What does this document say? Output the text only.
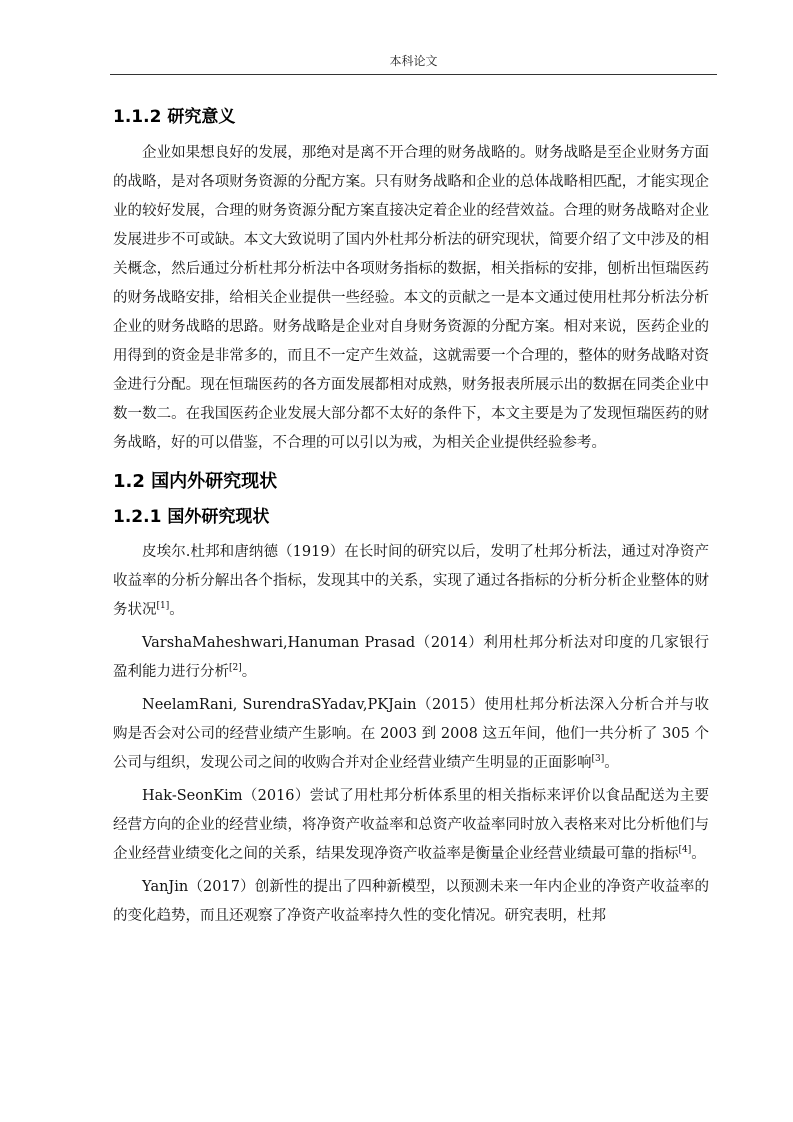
本科论文
1.1.2 研究意义

企业如果想良好的发展，那绝对是离不开合理的财务战略的。财务战略是至企业财务方面的战略，是对各项财务资源的分配方案。只有财务战略和企业的总体战略相匹配，才能实现企业的较好发展，合理的财务资源分配方案直接决定着企业的经营效益。合理的财务战略对企业发展进步不可或缺。本文大致说明了国内外杜邦分析法的研究现状，简要介绍了文中涉及的相关概念，然后通过分析杜邦分析法中各项财务指标的数据，相关指标的安排，刨析出恒瑞医药的财务战略安排，给相关企业提供一些经验。本文的贡献之一是本文通过使用杜邦分析法分析企业的财务战略的思路。财务战略是企业对自身财务资源的分配方案。相对来说，医药企业的用得到的资金是非常多的，而且不一定产生效益，这就需要一个合理的，整体的财务战略对资金进行分配。现在恒瑞医药的各方面发展都相对成熟，财务报表所展示出的数据在同类企业中数一数二。在我国医药企业发展大部分都不太好的条件下，本文主要是为了发现恒瑞医药的财务战略，好的可以借鉴，不合理的可以引以为戒，为相关企业提供经验参考。

1.2 国内外研究现状
1.2.1 国外研究现状

皮埃尔.杜邦和唐纳德（1919）在长时间的研究以后，发明了杜邦分析法，通过对净资产收益率的分析分解出各个指标，发现其中的关系，实现了通过各指标的分析分析企业整体的财务状况[1]。

VarshaMaheshwari,Hanuman Prasad（2014）利用杜邦分析法对印度的几家银行盈利能力进行分析[2]。

NeelamRani, SurendraSYadav,PKJain（2015）使用杜邦分析法深入分析合并与收购是否会对公司的经营业绩产生影响。在 2003 到 2008 这五年间，他们一共分析了 305 个公司与组织，发现公司之间的收购合并对企业经营业绩产生明显的正面影响[3]。

Hak-SeonKim（2016）尝试了用杜邦分析体系里的相关指标来评价以食品配送为主要经营方向的企业的经营业绩，将净资产收益率和总资产收益率同时放入表格来对比分析他们与企业经营业绩变化之间的关系，结果发现净资产收益率是衡量企业经营业绩最可靠的指标[4]。

YanJin（2017）创新性的提出了四种新模型，以预测未来一年内企业的净资产收益率的的变化趋势，而且还观察了净资产收益率持久性的变化情况。研究表明，杜邦
